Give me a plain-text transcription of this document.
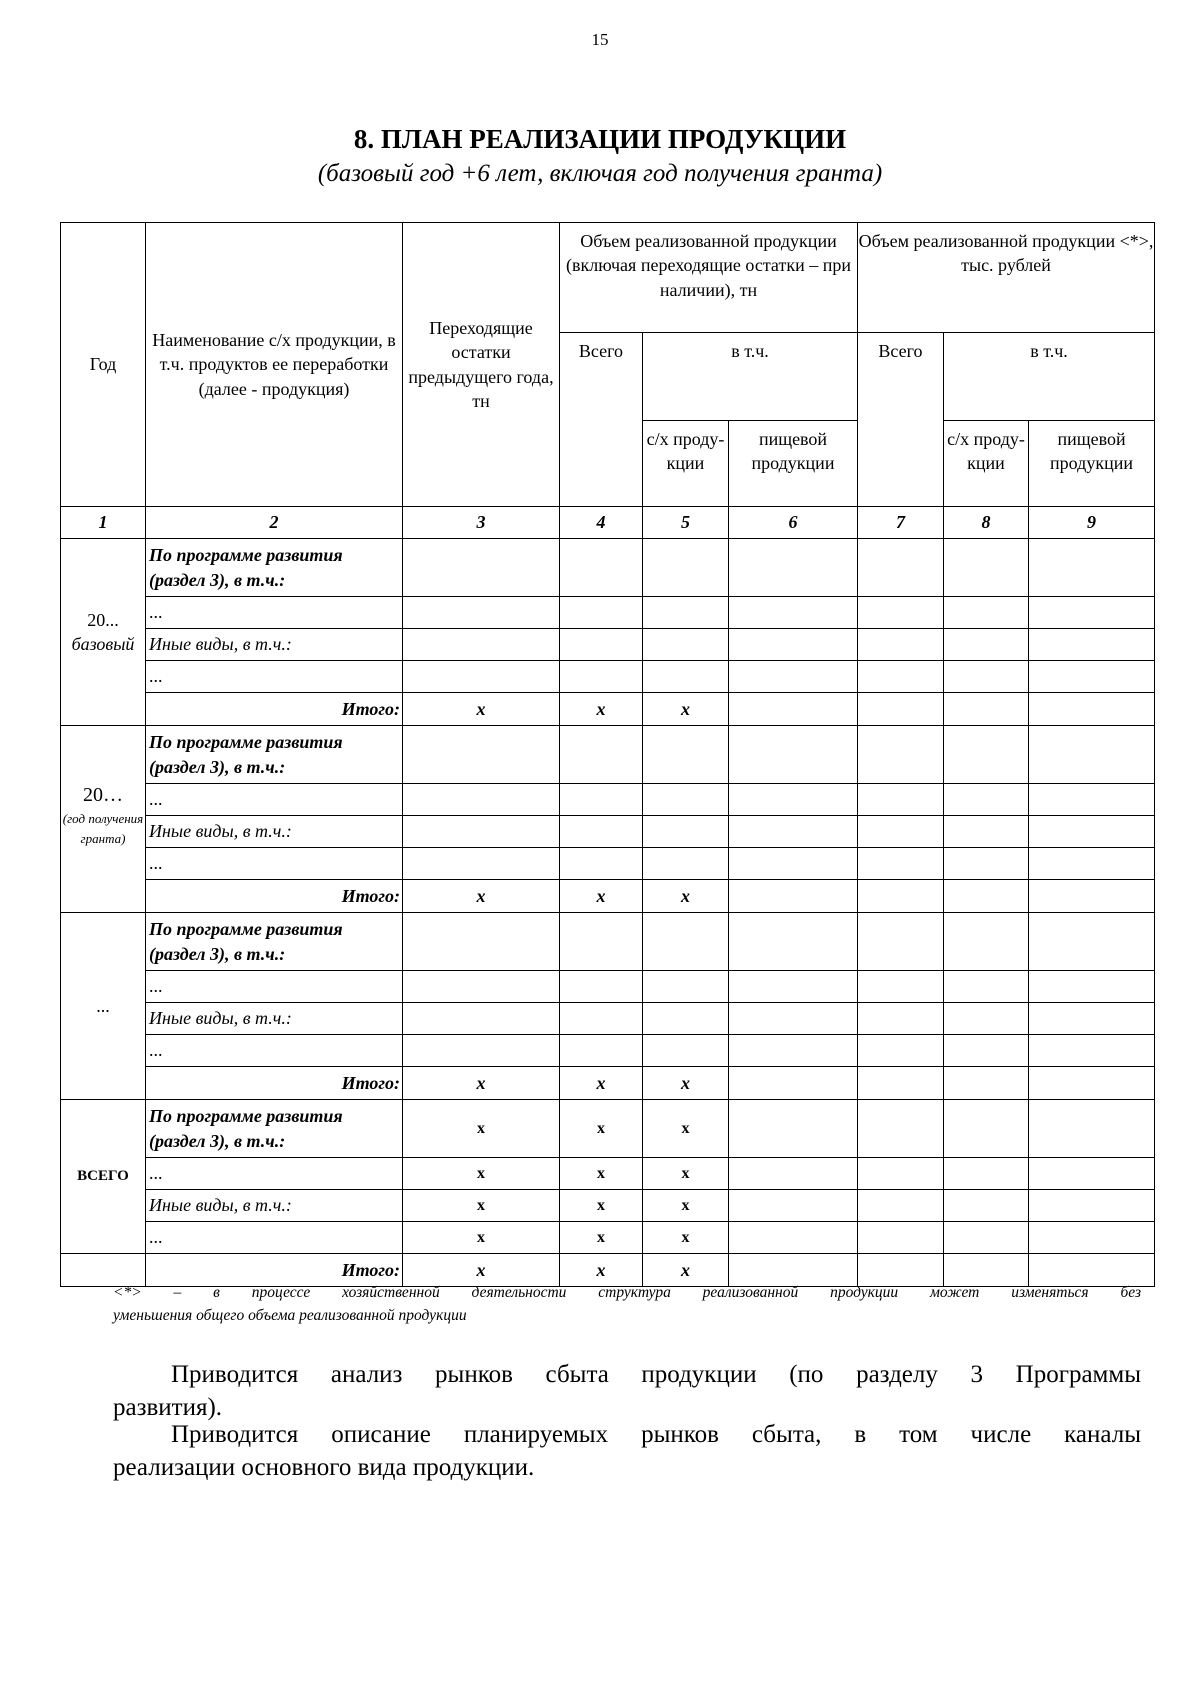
15
8. ПЛАН РЕАЛИЗАЦИИ ПРОДУКЦИИ
(базовый год +6 лет, включая год получения гранта)
Год	Наименование с/х продукции, в т.ч. продуктов ее переработки (далее - продукция)	Переходящие остатки предыдущего года, тн	Объем реализованной продукции (включая переходящие остатки – при наличии), тн			Объем реализованной продукции <*>, тыс. рублей		
			Всего	в т.ч.		Всего	в т.ч.	
				с/х проду-кции	пищевой продукции		с/х проду-кции	пищевой продукции
1	2	3	4	5	6	7	8	9

20...
базовый	По программе развития (раздел 3), в т.ч.:							
	...							
	Иные виды, в т.ч.:							
	...							
	Итого:	x	x	x				

20…
(год получения гранта)	По программе развития (раздел 3), в т.ч.:							
	...							
	Иные виды, в т.ч.:							
	...							
	Итого:	x	x	x				

...	По программе развития (раздел 3), в т.ч.:							
	...							
	Иные виды, в т.ч.:							
	...							
	Итого:	x	x	x				
ВСЕГО	По программе развития (раздел 3), в т.ч.:	x	x	x				
	...	x	x	x				
	Иные виды, в т.ч.:	x	x	x				
	...	x	x	x				
	Итого:	x	x	x				
<*> – в процессе хозяйственной деятельности структура реализованной продукции может изменяться без
уменьшения общего объема реализованной продукции
Приводится анализ рынков сбыта продукции (по разделу 3 Программы
развития).
Приводится описание планируемых рынков сбыта, в том числе каналы
реализации основного вида продукции.
